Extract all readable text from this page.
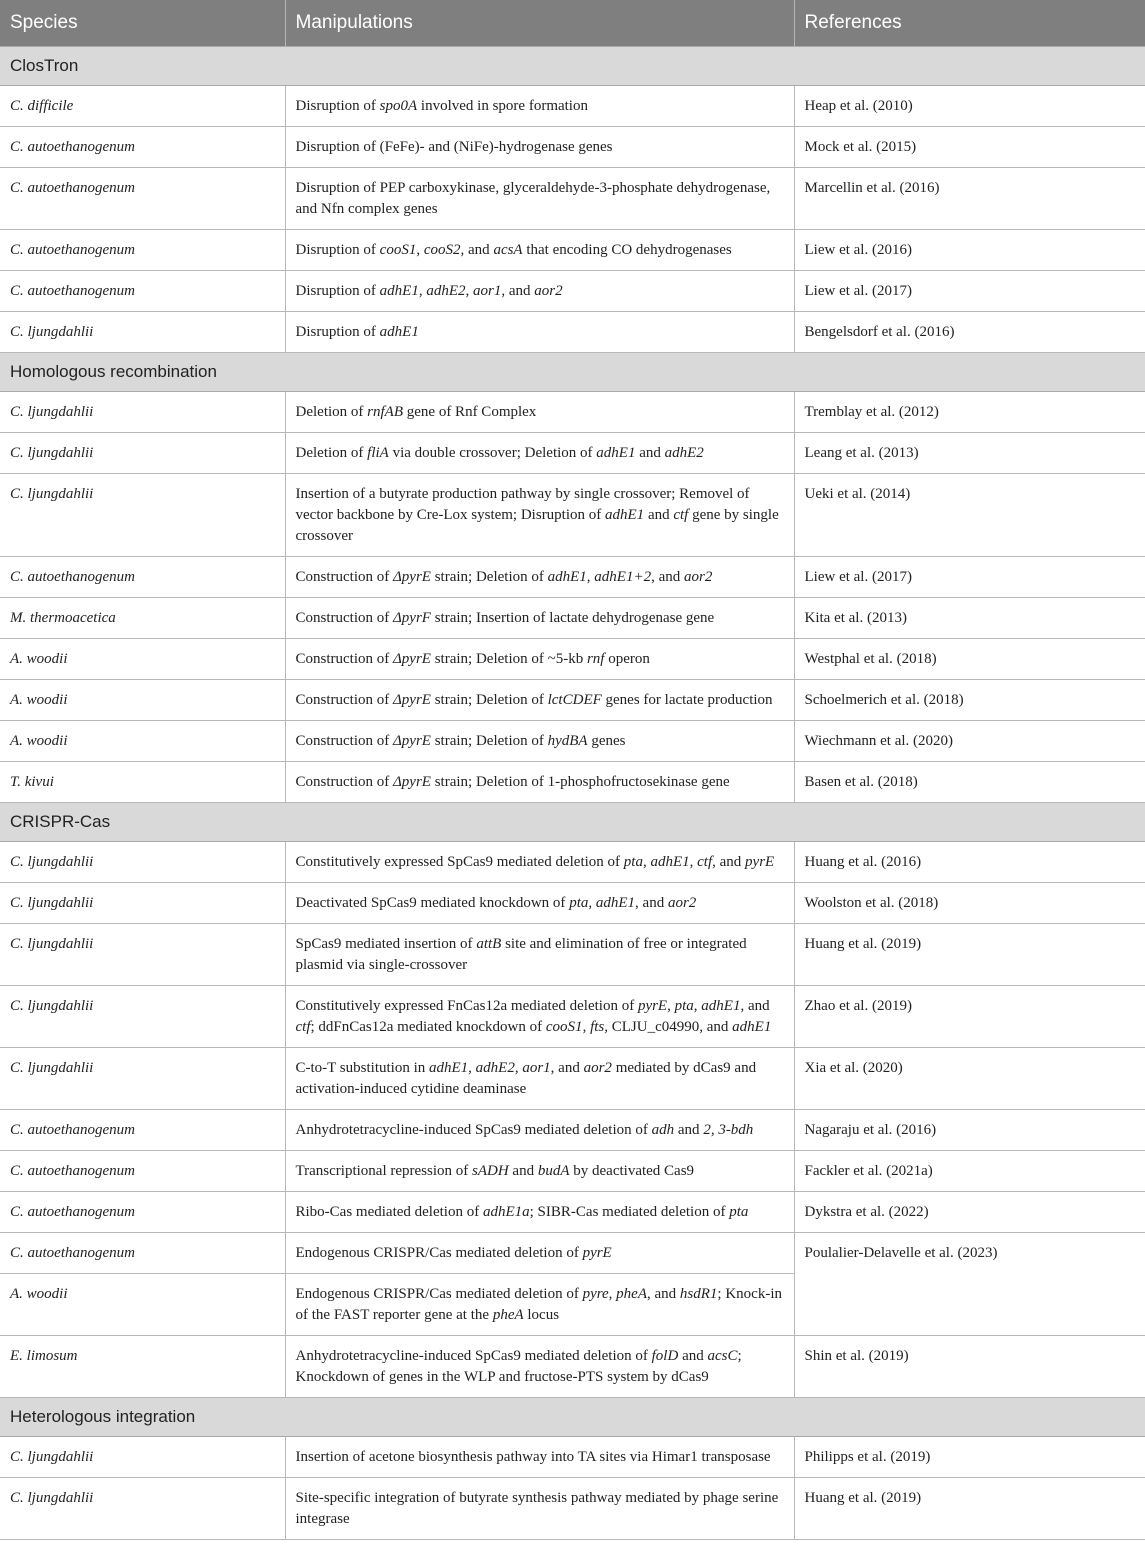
Species	Manipulations	References
ClosTron		
C. difficile	Disruption of spo0A involved in spore formation	Heap et al. (2010)
C. autoethanogenum	Disruption of (FeFe)- and (NiFe)-hydrogenase genes	Mock et al. (2015)
C. autoethanogenum	Disruption of PEP carboxykinase, glyceraldehyde-3-phosphate dehydrogenase, and Nfn complex genes	Marcellin et al. (2016)
C. autoethanogenum	Disruption of cooS1, cooS2, and acsA that encoding CO dehydrogenases	Liew et al. (2016)
C. autoethanogenum	Disruption of adhE1, adhE2, aor1, and aor2	Liew et al. (2017)
C. ljungdahlii	Disruption of adhE1	Bengelsdorf et al. (2016)
Homologous recombination		
C. ljungdahlii	Deletion of rnfAB gene of Rnf Complex	Tremblay et al. (2012)
C. ljungdahlii	Deletion of fliA via double crossover; Deletion of adhE1 and adhE2	Leang et al. (2013)
C. ljungdahlii	Insertion of a butyrate production pathway by single crossover; Removel of vector backbone by Cre-Lox system; Disruption of adhE1 and ctf gene by single crossover	Ueki et al. (2014)
C. autoethanogenum	Construction of ΔpyrE strain; Deletion of adhE1, adhE1+2, and aor2	Liew et al. (2017)
M. thermoacetica	Construction of ΔpyrF strain; Insertion of lactate dehydrogenase gene	Kita et al. (2013)
A. woodii	Construction of ΔpyrE strain; Deletion of ~5-kb rnf operon	Westphal et al. (2018)
A. woodii	Construction of ΔpyrE strain; Deletion of lctCDEF genes for lactate production	Schoelmerich et al. (2018)
A. woodii	Construction of ΔpyrE strain; Deletion of hydBA genes	Wiechmann et al. (2020)
T. kivui	Construction of ΔpyrE strain; Deletion of 1-phosphofructosekinase gene	Basen et al. (2018)
CRISPR-Cas		
C. ljungdahlii	Constitutively expressed SpCas9 mediated deletion of pta, adhE1, ctf, and pyrE	Huang et al. (2016)
C. ljungdahlii	Deactivated SpCas9 mediated knockdown of pta, adhE1, and aor2	Woolston et al. (2018)
C. ljungdahlii	SpCas9 mediated insertion of attB site and elimination of free or integrated plasmid via single-crossover	Huang et al. (2019)
C. ljungdahlii	Constitutively expressed FnCas12a mediated deletion of pyrE, pta, adhE1, and ctf; ddFnCas12a mediated knockdown of cooS1, fts, CLJU_c04990, and adhE1	Zhao et al. (2019)
C. ljungdahlii	C-to-T substitution in adhE1, adhE2, aor1, and aor2 mediated by dCas9 and activation-induced cytidine deaminase	Xia et al. (2020)
C. autoethanogenum	Anhydrotetracycline-induced SpCas9 mediated deletion of adh and 2, 3-bdh	Nagaraju et al. (2016)
C. autoethanogenum	Transcriptional repression of sADH and budA by deactivated Cas9	Fackler et al. (2021a)
C. autoethanogenum	Ribo-Cas mediated deletion of adhE1a; SIBR-Cas mediated deletion of pta	Dykstra et al. (2022)
C. autoethanogenum	Endogenous CRISPR/Cas mediated deletion of pyrE	Poulalier-Delavelle et al. (2023)
A. woodii	Endogenous CRISPR/Cas mediated deletion of pyre, pheA, and hsdR1; Knock-in of the FAST reporter gene at the pheA locus	
E. limosum	Anhydrotetracycline-induced SpCas9 mediated deletion of folD and acsC; Knockdown of genes in the WLP and fructose-PTS system by dCas9	Shin et al. (2019)
Heterologous integration		
C. ljungdahlii	Insertion of acetone biosynthesis pathway into TA sites via Himar1 transposase	Philipps et al. (2019)
C. ljungdahlii	Site-specific integration of butyrate synthesis pathway mediated by phage serine integrase	Huang et al. (2019)
